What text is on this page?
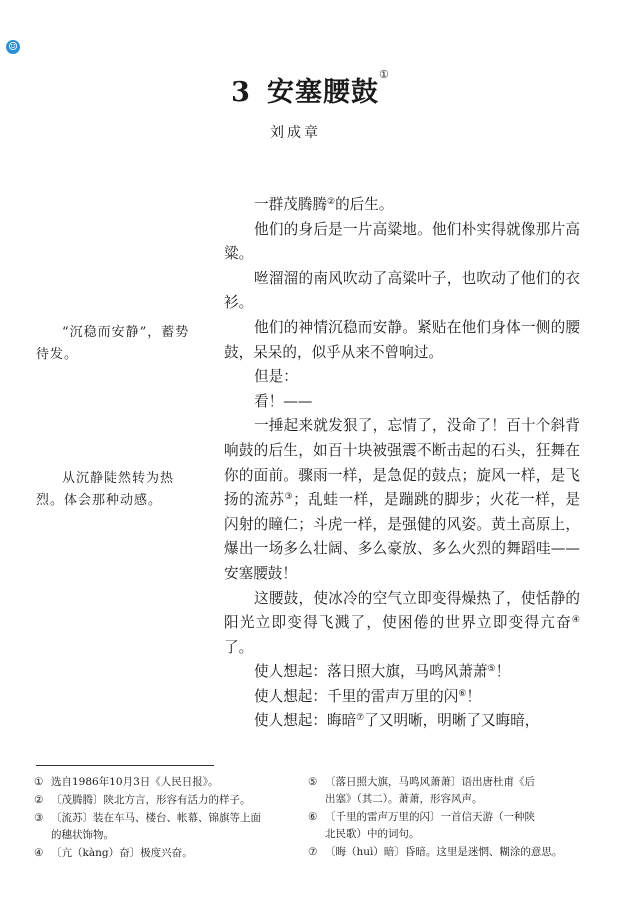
☺
3 安塞腰鼓①
刘成章
“沉稳而安静”，蓄势待发。
从沉静陡然转为热烈。体会那种动感。

一群茂腾腾②的后生。

他们的身后是一片高粱地。他们朴实得就像那片高粱。

咝溜溜的南风吹动了高粱叶子，也吹动了他们的衣衫。

他们的神情沉稳而安静。紧贴在他们身体一侧的腰鼓，呆呆的，似乎从来不曾响过。

但是：

看！——

一捶起来就发狠了，忘情了，没命了！百十个斜背响鼓的后生，如百十块被强震不断击起的石头，狂舞在你的面前。骤雨一样，是急促的鼓点；旋风一样，是飞扬的流苏③；乱蛙一样，是蹦跳的脚步；火花一样，是闪射的瞳仁；斗虎一样，是强健的风姿。黄土高原上，爆出一场多么壮阔、多么豪放、多么火烈的舞蹈哇——安塞腰鼓！

这腰鼓，使冰冷的空气立即变得燥热了，使恬静的阳光立即变得飞溅了，使困倦的世界立即变得亢奋④了。

使人想起：落日照大旗，马鸣风萧萧⑤！

使人想起：千里的雷声万里的闪⑥！

使人想起：晦暗⑦了又明晰，明晰了又晦暗，

① 选自1986年10月3日《人民日报》。
② 〔茂腾腾〕陕北方言，形容有活力的样子。
③ 〔流苏〕装在车马、楼台、帐幕、锦旗等上面
的穗状饰物。
④ 〔亢（kàng）奋〕极度兴奋。
⑤ 〔落日照大旗，马鸣风萧萧〕语出唐杜甫《后
出塞》（其二）。萧萧，形容风声。
⑥ 〔千里的雷声万里的闪〕一首信天游（一种陕
北民歌）中的词句。
⑦ 〔晦（huì）暗〕昏暗。这里是迷惘、糊涂的意思。
